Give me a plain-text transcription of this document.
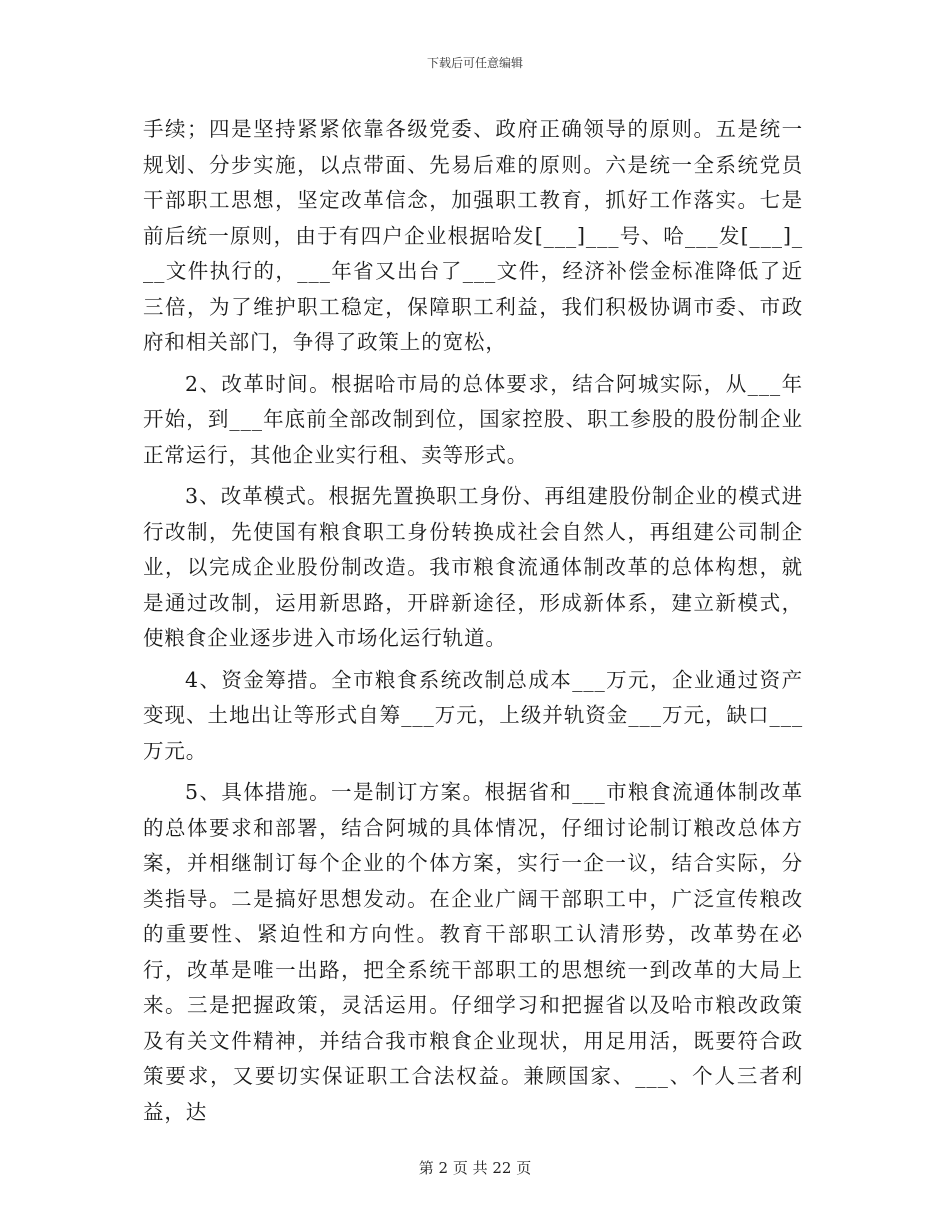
下载后可任意编辑

手续；四是坚持紧紧依靠各级党委、政府正确领导的原则。五是统一规划、分步实施，以点带面、先易后难的原则。六是统一全系统党员干部职工思想，坚定改革信念，加强职工教育，抓好工作落实。七是前后统一原则，由于有四户企业根据哈发[___]___号、哈___发[___]___文件执行的，___年省又出台了___文件，经济补偿金标准降低了近三倍，为了维护职工稳定，保障职工利益，我们积极协调市委、市政府和相关部门，争得了政策上的宽松，

2、改革时间。根据哈市局的总体要求，结合阿城实际，从___年开始，到___年底前全部改制到位，国家控股、职工参股的股份制企业正常运行，其他企业实行租、卖等形式。

3、改革模式。根据先置换职工身份、再组建股份制企业的模式进行改制，先使国有粮食职工身份转换成社会自然人，再组建公司制企业，以完成企业股份制改造。我市粮食流通体制改革的总体构想，就是通过改制，运用新思路，开辟新途径，形成新体系，建立新模式，使粮食企业逐步进入市场化运行轨道。

4、资金筹措。全市粮食系统改制总成本___万元，企业通过资产变现、土地出让等形式自筹___万元，上级并轨资金___万元，缺口___万元。

5、具体措施。一是制订方案。根据省和___市粮食流通体制改革的总体要求和部署，结合阿城的具体情况，仔细讨论制订粮改总体方案，并相继制订每个企业的个体方案，实行一企一议，结合实际，分类指导。二是搞好思想发动。在企业广阔干部职工中，广泛宣传粮改的重要性、紧迫性和方向性。教育干部职工认清形势，改革势在必行，改革是唯一出路，把全系统干部职工的思想统一到改革的大局上来。三是把握政策，灵活运用。仔细学习和把握省以及哈市粮改政策及有关文件精神，并结合我市粮食企业现状，用足用活，既要符合政策要求，又要切实保证职工合法权益。兼顾国家、___、个人三者利益，达

第 2 页 共 22 页
